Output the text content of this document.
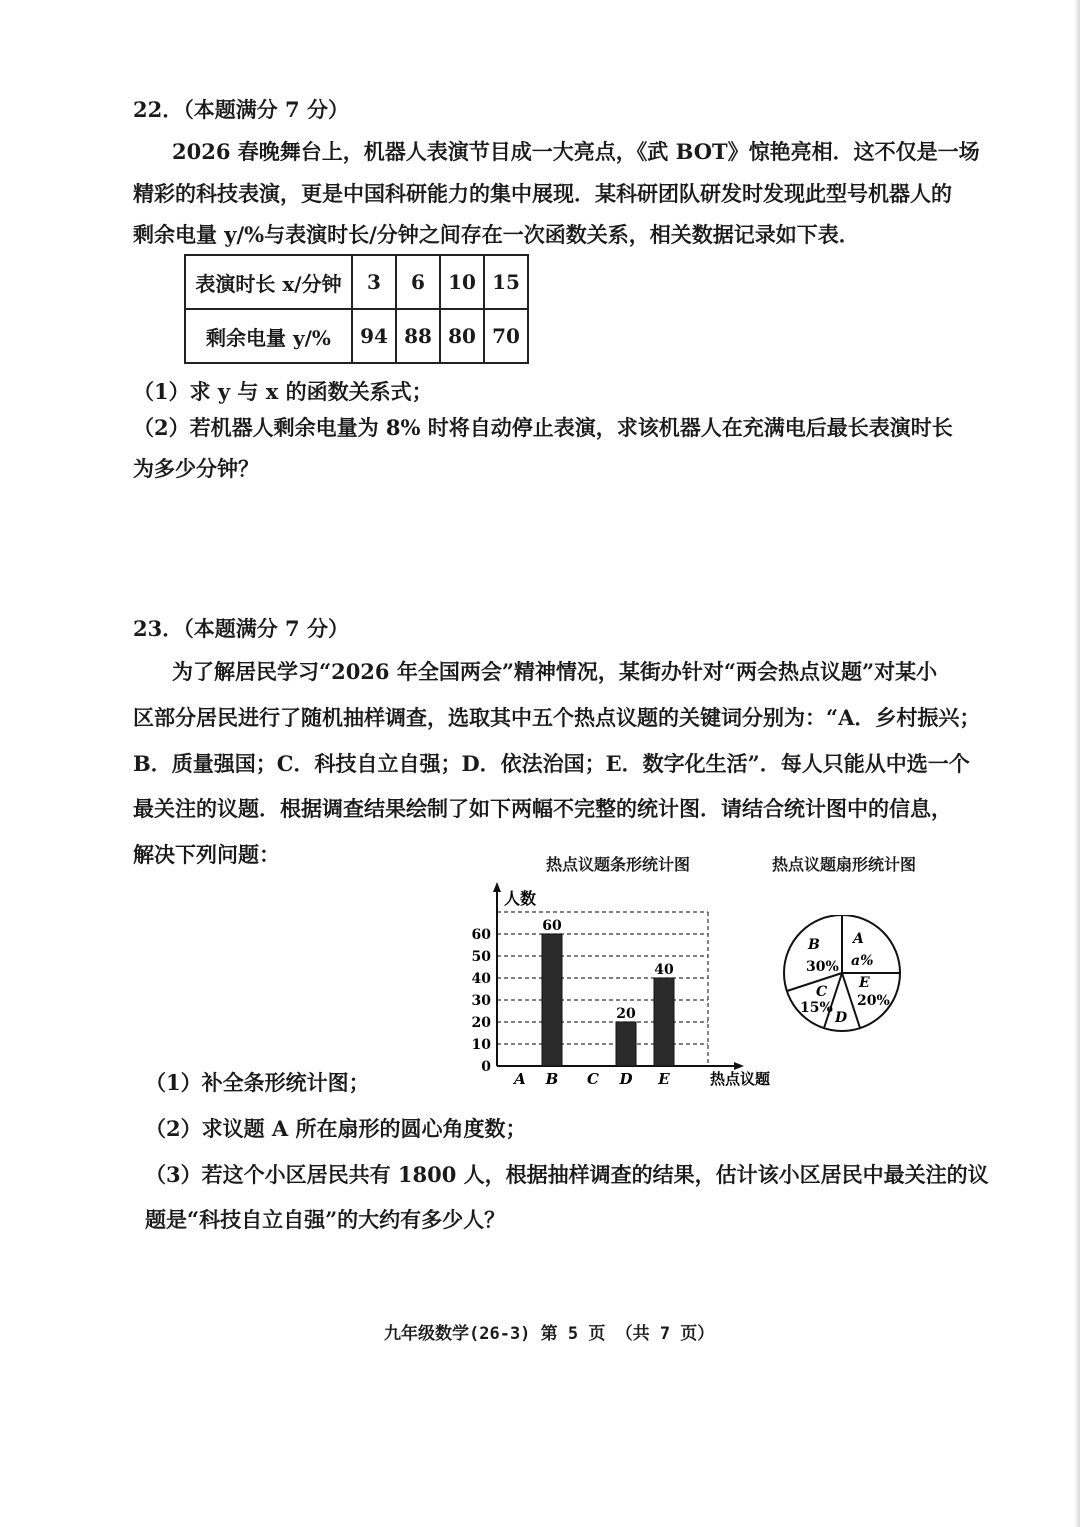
22．（本题满分 7 分）
2026 春晚舞台上，机器人表演节目成一大亮点，《武 BOT》惊艳亮相．这不仅是一场
精彩的科技表演，更是中国科研能力的集中展现．某科研团队研发时发现此型号机器人的
剩余电量 y/%与表演时长/分钟之间存在一次函数关系，相关数据记录如下表．
表演时长 x/分钟	3	6	10	15
剩余电量 y/%	94	88	80	70
（1）求 y 与 x 的函数关系式；
（2）若机器人剩余电量为 8% 时将自动停止表演，求该机器人在充满电后最长表演时长
为多少分钟？
23．（本题满分 7 分）
为了解居民学习“2026 年全国两会”精神情况，某街办针对“两会热点议题”对某小
区部分居民进行了随机抽样调查，选取其中五个热点议题的关键词分别为：“A．乡村振兴；
B．质量强国；C．科技自立自强；D．依法治国；E．数字化生活”．每人只能从中选一个
最关注的议题．根据调查结果绘制了如下两幅不完整的统计图．请结合统计图中的信息，
解决下列问题：	热点议题条形统计图	热点议题扇形统计图
人数
热点议题
0
10
20
30
40
50
60
60
20
40
A B C D E
B
30%
A
a%
E
20%
C
15%
D
（1）补全条形统计图；
（2）求议题 A 所在扇形的圆心角度数；
（3）若这个小区居民共有 1800 人，根据抽样调查的结果，估计该小区居民中最关注的议
题是“科技自立自强”的大约有多少人？
九年级数学(26-3) 第 5 页 （共 7 页）
